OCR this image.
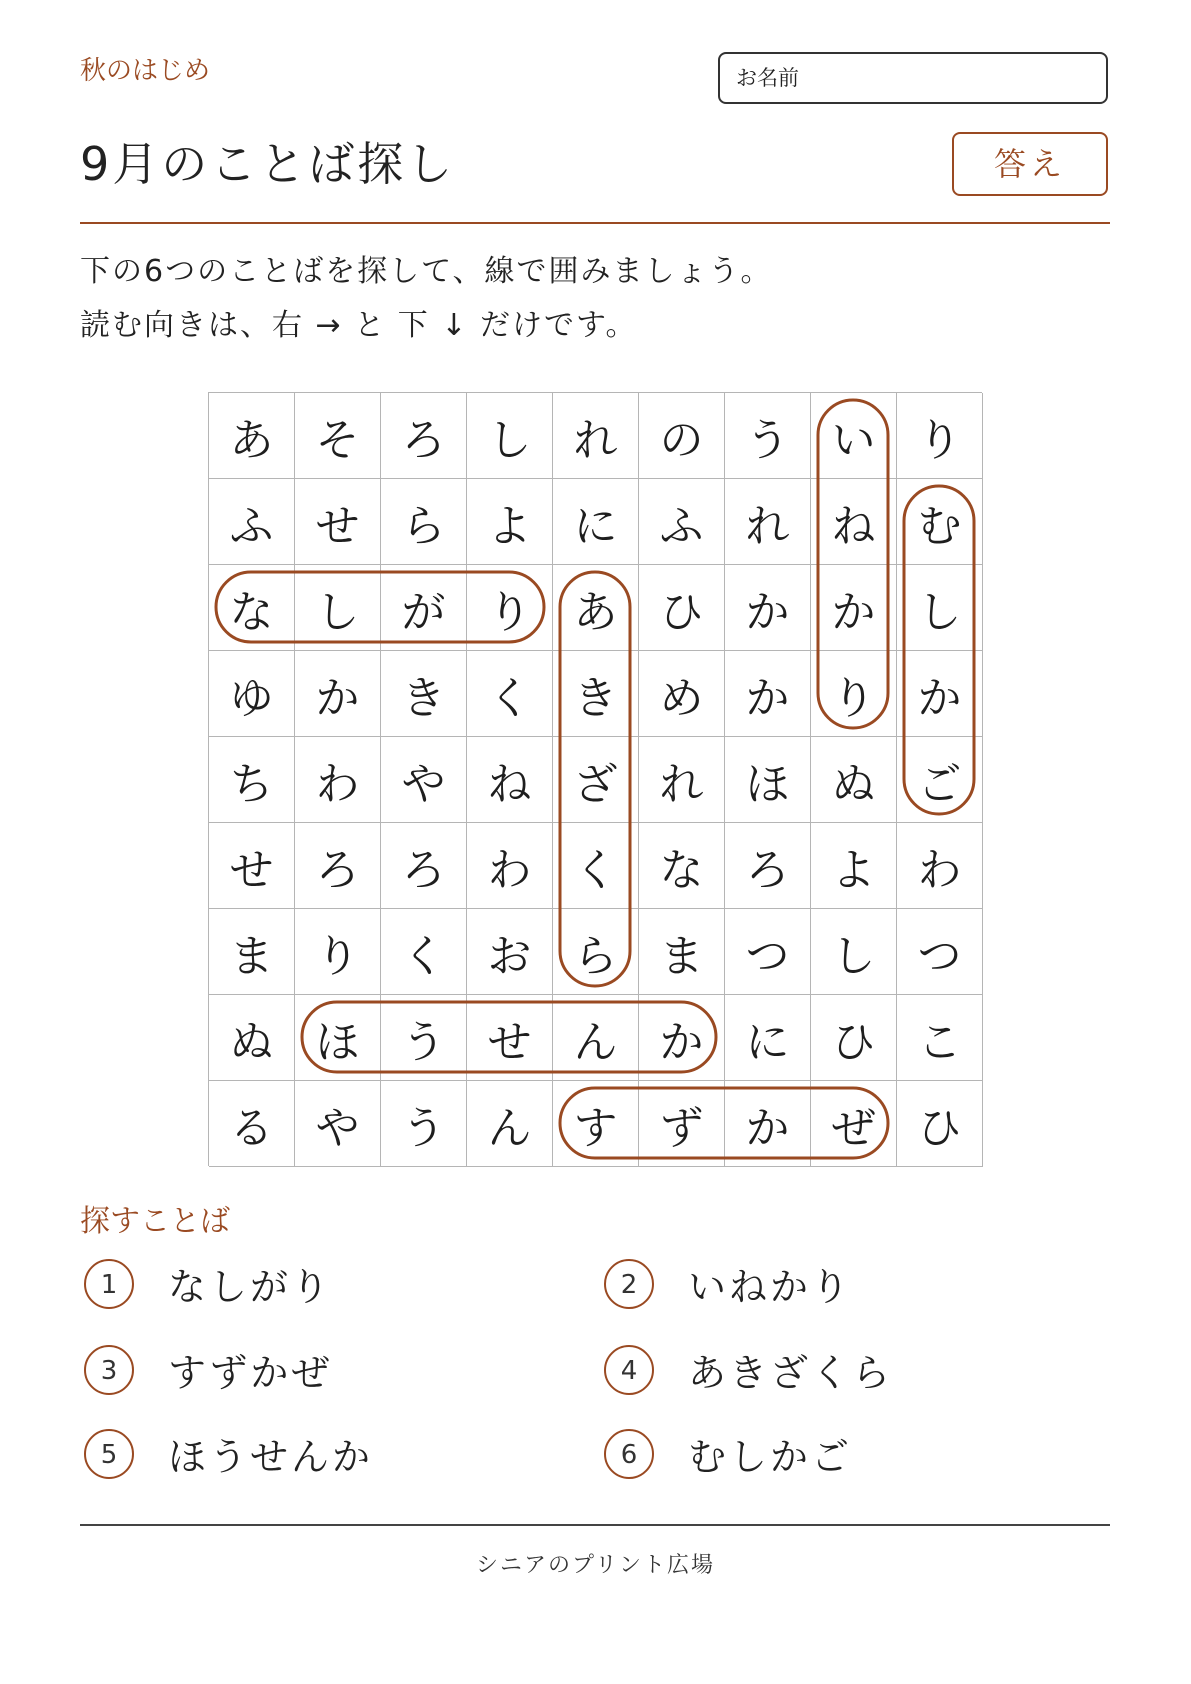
秋のはじめ	お名前
9月のことば探し	答え
下の6つのことばを探して、線で囲みましょう。
読む向きは、右 → と 下 ↓ だけです。
あ そ ろ し れ の う い り
ふ せ ら よ に ふ れ ね む
な し が り あ ひ か か し
ゆ か き く き め か り か
ち わ や ね ざ れ ほ ぬ ご
せ ろ ろ わ く な ろ よ わ
ま り く お ら ま つ し つ
ぬ ほ う せ ん か に ひ こ
る や う ん す ず か ぜ ひ
探すことば
1	なしがり	2	いねかり
3	すずかぜ	4	あきざくら
5	ほうせんか	6	むしかご
シニアのプリント広場
